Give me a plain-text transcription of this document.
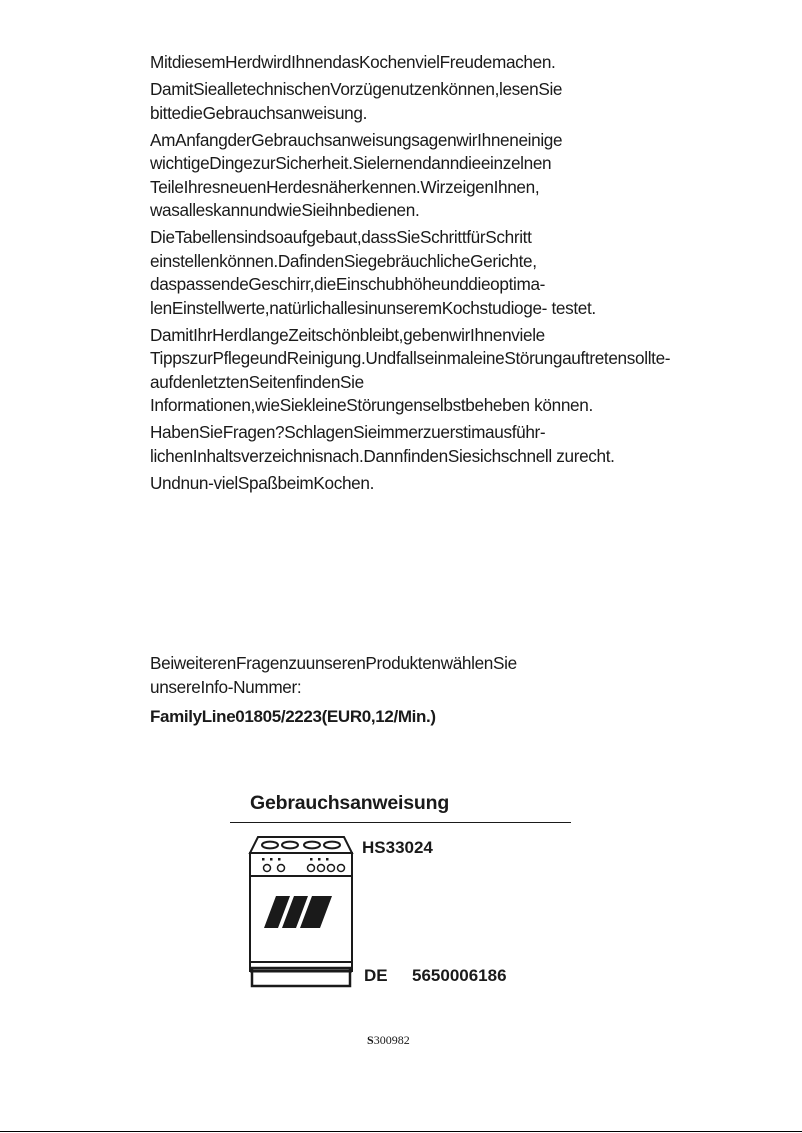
MitdiesemHerdwirdIhnendasKochenvielFreudemachen.

DamitSiealletechnischenVorzügenutzenkönnen,lesenSie bittedieGebrauchsanweisung.

AmAnfangderGebrauchsanweisungsagenwirIhneneinige wichtigeDingezurSicherheit.Sielernendanndieeinzelnen TeileIhresneuenHerdesnäherkennen.WirzeigenIhnen, wasalleskannundwieSieihnbedienen.

DieTabellensindsoaufgebaut,dassSieSchrittfürSchritt einstellenkönnen.DafindenSiegebräuchlicheGerichte, daspassendeGeschirr,dieEinschubhöheunddieoptima- lenEinstellwerte,natürlichallesinunseremKochstudioge- testet.

DamitIhrHerdlangeZeitschönbleibt,gebenwirIhnenviele TippszurPflegeundReinigung.UndfallseinmaleineStörungauftretensollte-aufdenletztenSeitenfindenSie Informationen,wieSiekleineStörungenselbstbeheben können.

HabenSieFragen?SchlagenSieimmerzuerstimausführ- lichenInhaltsverzeichnisnach.DannfindenSiesichschnell zurecht.

Undnun-vielSpaßbeimKochen.

BeiweiterenFragenzuunserenProduktenwählenSie

unsereInfo-Nummer:

FamilyLine01805/2223(EUR0,12/Min.)

Gebrauchsanweisung
HS33024
DE 5650006186
S300982
